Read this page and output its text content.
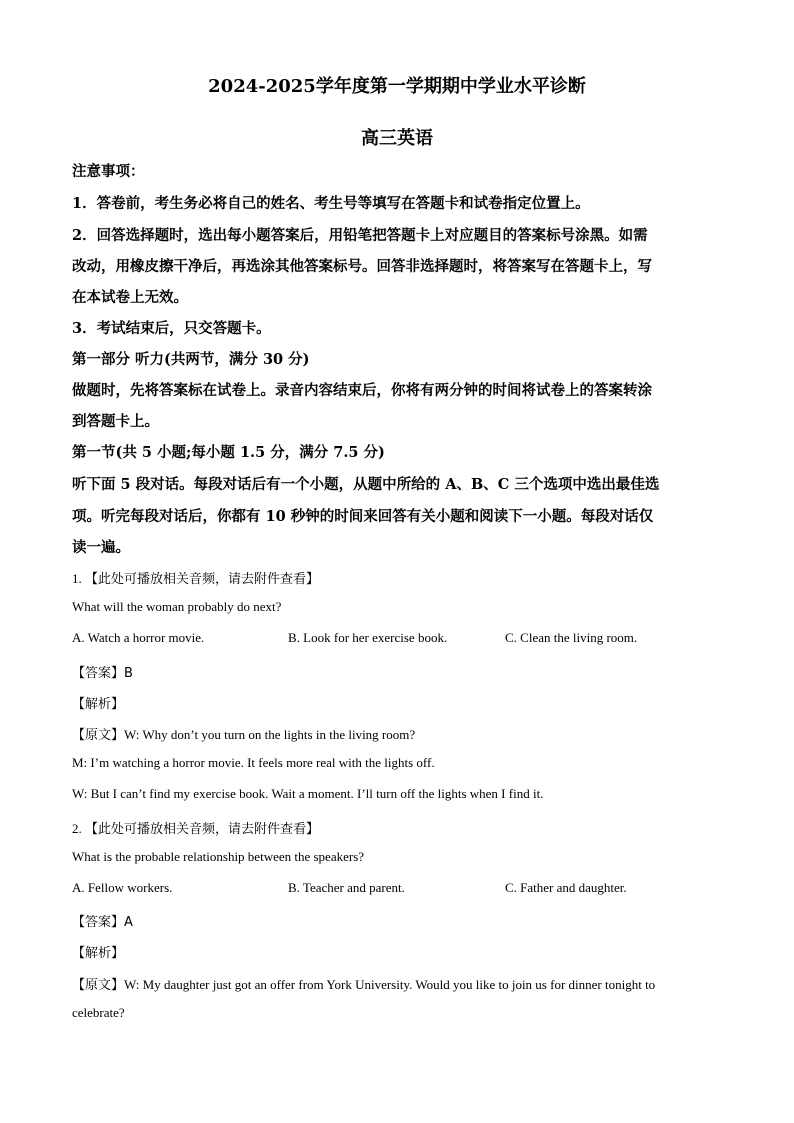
2024-2025学年度第一学期期中学业水平诊断
高三英语
注意事项：
1．答卷前，考生务必将自己的姓名、考生号等填写在答题卡和试卷指定位置上。
2．回答选择题时，选出每小题答案后，用铅笔把答题卡上对应题目的答案标号涂黑。如需
改动，用橡皮擦干净后，再选涂其他答案标号。回答非选择题时，将答案写在答题卡上，写
在本试卷上无效。
3．考试结束后，只交答题卡。
第一部分 听力(共两节，满分 30 分)
做题时，先将答案标在试卷上。录音内容结束后，你将有两分钟的时间将试卷上的答案转涂
到答题卡上。
第一节(共 5 小题;每小题 1.5 分，满分 7.5 分)
听下面 5 段对话。每段对话后有一个小题，从题中所给的 A、B、C 三个选项中选出最佳选
项。听完每段对话后，你都有 10 秒钟的时间来回答有关小题和阅读下一小题。每段对话仅
读一遍。
1. 【此处可播放相关音频，请去附件查看】
What will the woman probably do next?
A. Watch a horror movie.	B. Look for her exercise book.	C. Clean the living room.
【答案】B
【解析】
【原文】W: Why don’t you turn on the lights in the living room?
M: I’m watching a horror movie. It feels more real with the lights off.
W: But I can’t find my exercise book. Wait a moment. I’ll turn off the lights when I find it.
2. 【此处可播放相关音频，请去附件查看】
What is the probable relationship between the speakers?
A. Fellow workers.	B. Teacher and parent.	C. Father and daughter.
【答案】A
【解析】
【原文】W: My daughter just got an offer from York University. Would you like to join us for dinner tonight to
celebrate?
